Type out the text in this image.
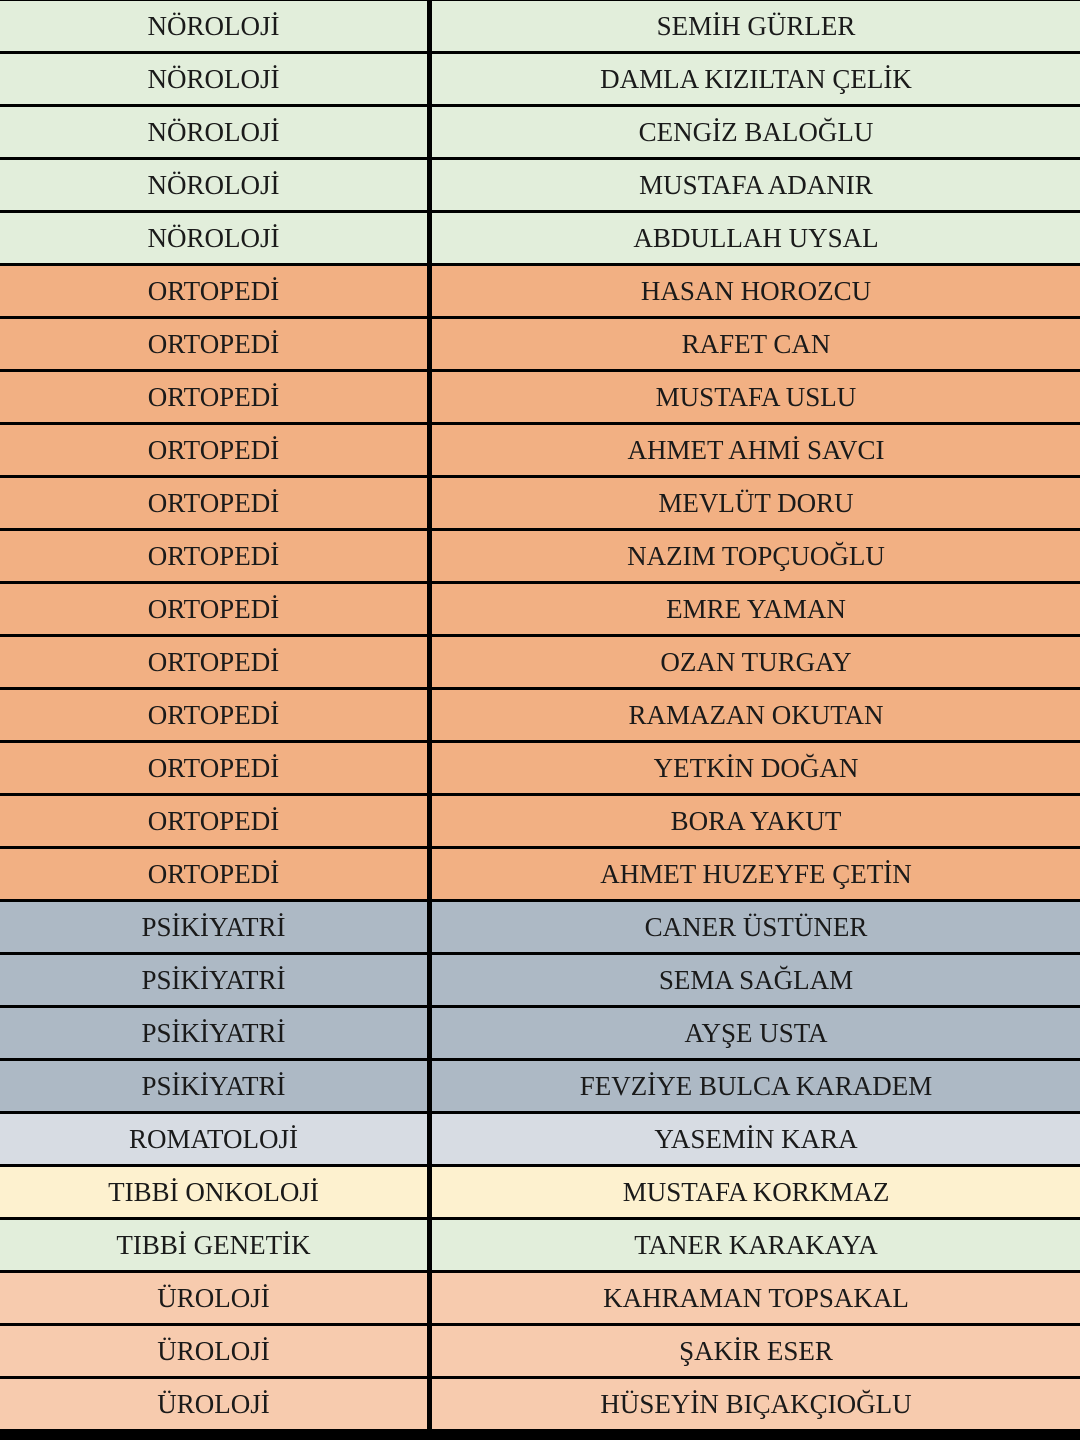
NÖROLOJİ	SEMİH GÜRLER
NÖROLOJİ	DAMLA KIZILTAN ÇELİK
NÖROLOJİ	CENGİZ BALOĞLU
NÖROLOJİ	MUSTAFA ADANIR
NÖROLOJİ	ABDULLAH UYSAL
ORTOPEDİ	HASAN HOROZCU
ORTOPEDİ	RAFET CAN
ORTOPEDİ	MUSTAFA USLU
ORTOPEDİ	AHMET AHMİ SAVCI
ORTOPEDİ	MEVLÜT DORU
ORTOPEDİ	NAZIM TOPÇUOĞLU
ORTOPEDİ	EMRE YAMAN
ORTOPEDİ	OZAN TURGAY
ORTOPEDİ	RAMAZAN OKUTAN
ORTOPEDİ	YETKİN DOĞAN
ORTOPEDİ	BORA YAKUT
ORTOPEDİ	AHMET HUZEYFE ÇETİN
PSİKİYATRİ	CANER ÜSTÜNER
PSİKİYATRİ	SEMA SAĞLAM
PSİKİYATRİ	AYŞE USTA
PSİKİYATRİ	FEVZİYE BULCA KARADEM
ROMATOLOJİ	YASEMİN KARA
TIBBİ ONKOLOJİ	MUSTAFA KORKMAZ
TIBBİ GENETİK	TANER KARAKAYA
ÜROLOJİ	KAHRAMAN TOPSAKAL
ÜROLOJİ	ŞAKİR ESER
ÜROLOJİ	HÜSEYİN BIÇAKÇIOĞLU
